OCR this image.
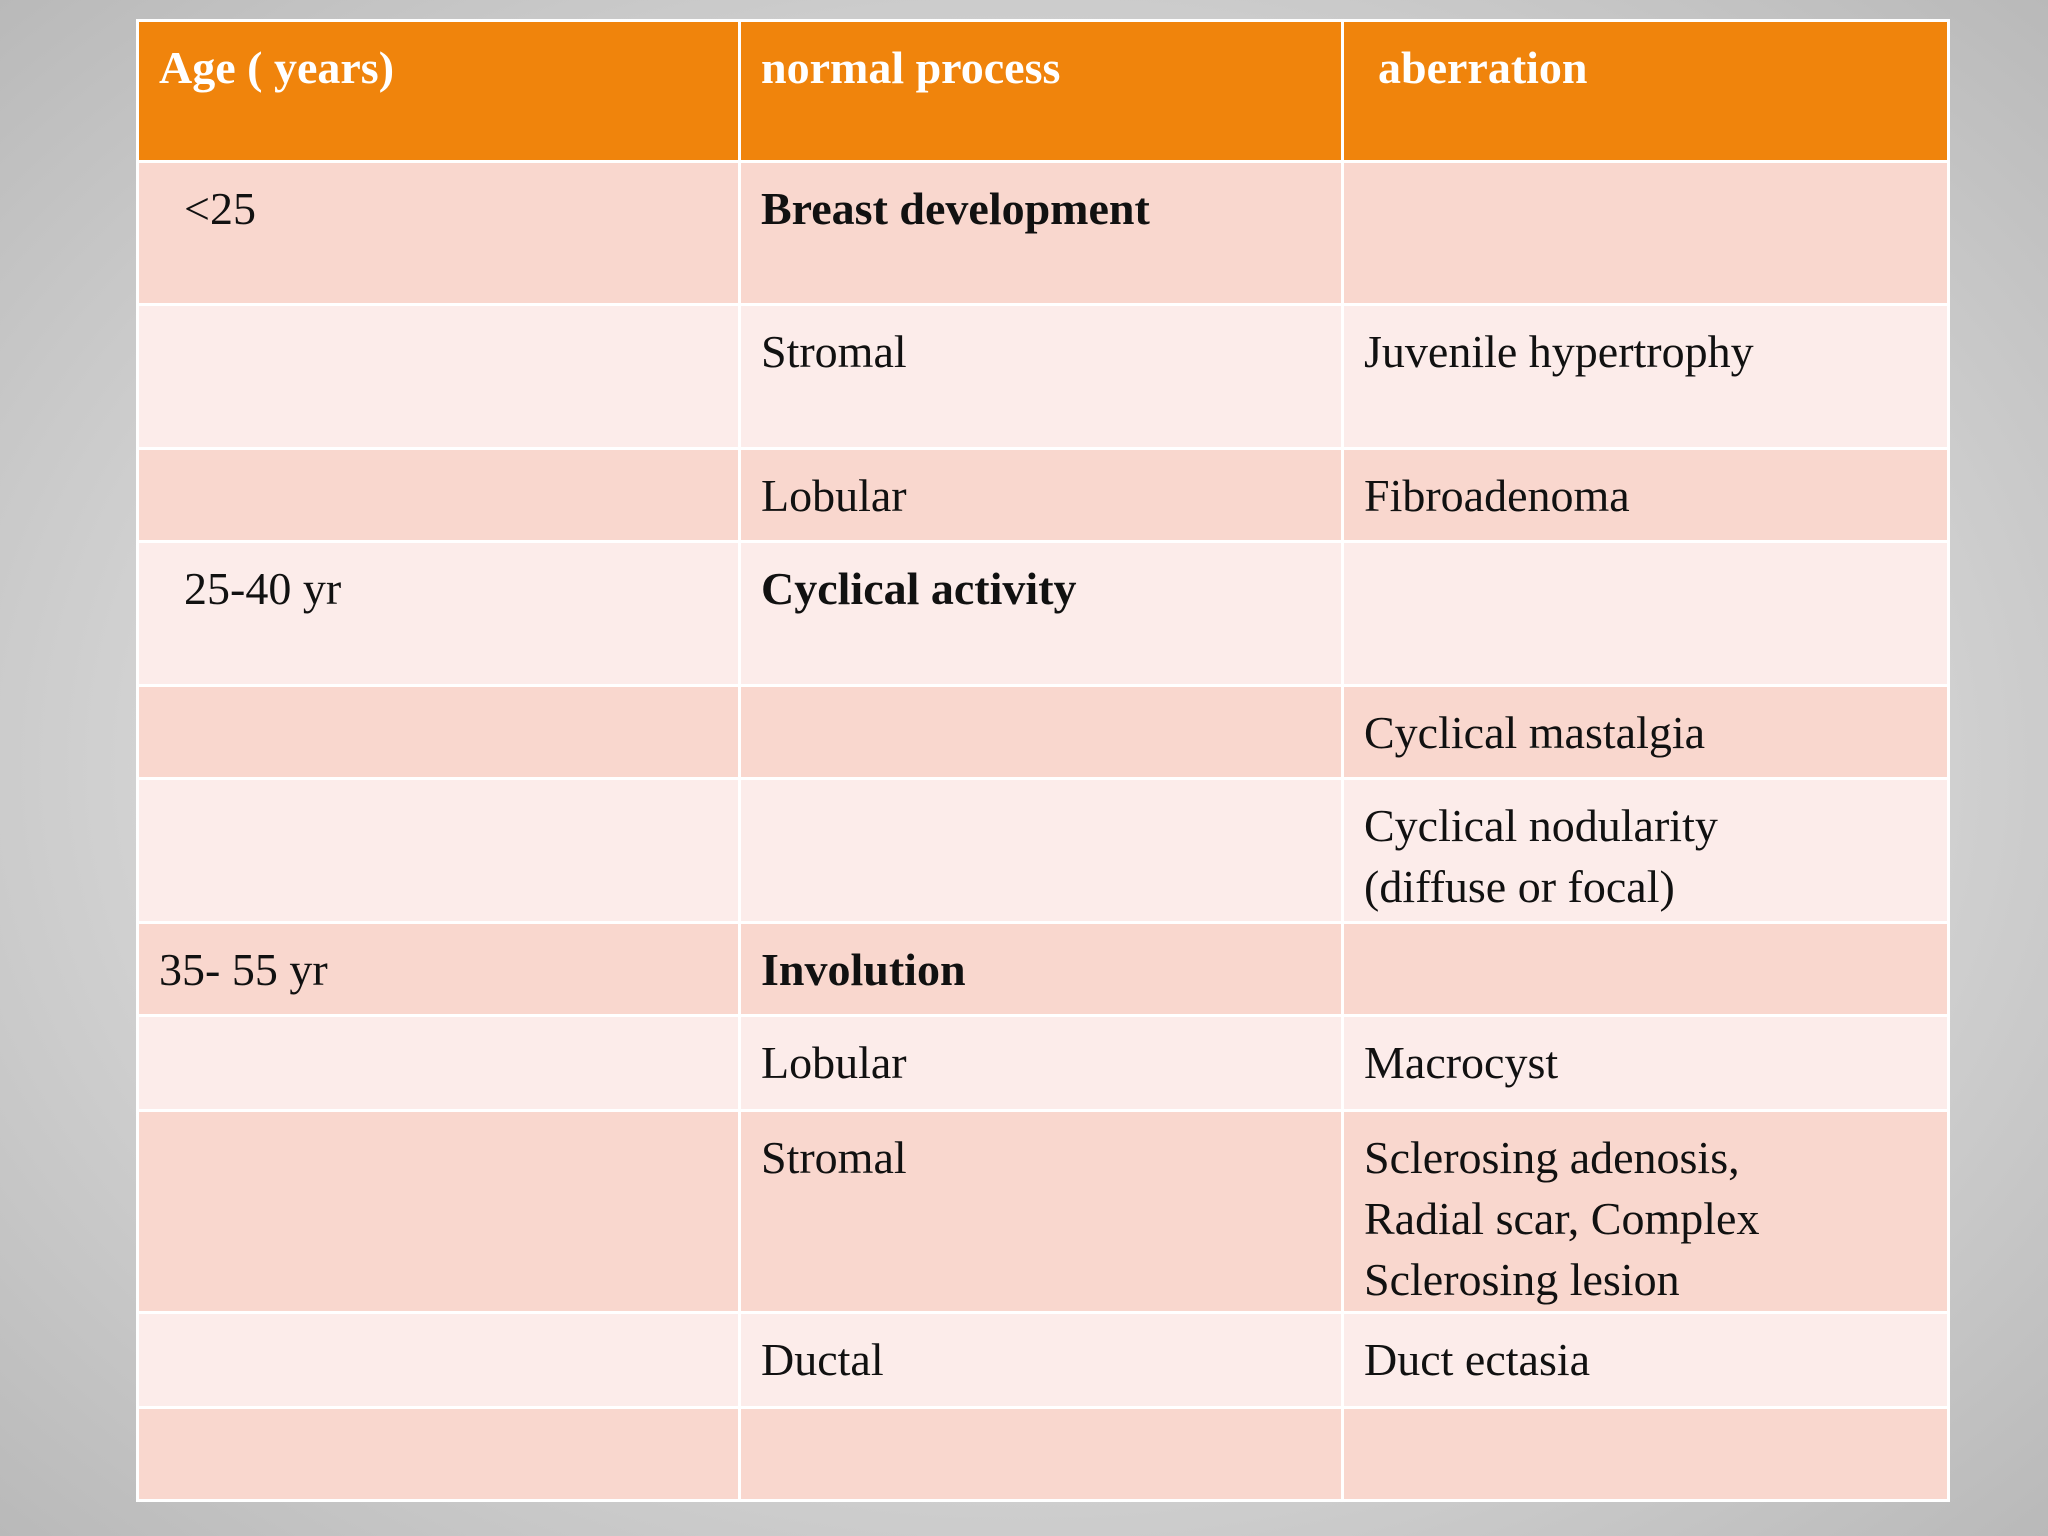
Age ( years)	normal process	aberration

<25	Breast development	

	Stromal	Juvenile hypertrophy

	Lobular	Fibroadenoma

25-40 yr	Cyclical activity	

		Cyclical mastalgia

		Cyclical nodularity
(diffuse or focal)

35- 55 yr	Involution	

	Lobular	Macrocyst

	Stromal	Sclerosing adenosis,
Radial scar, Complex
Sclerosing lesion

	Ductal	Duct ectasia
